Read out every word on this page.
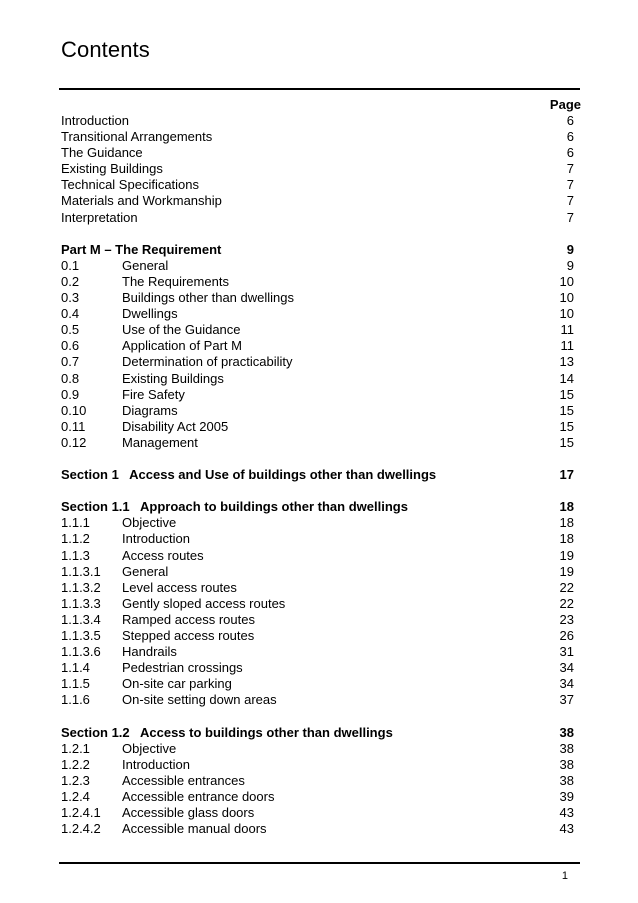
Contents
Page
Introduction	6
Transitional Arrangements	6
The Guidance	6
Existing Buildings	7
Technical Specifications	7
Materials and Workmanship	7
Interpretation	7
Part M – The Requirement	9
0.1	General	9
0.2	The Requirements	10
0.3	Buildings other than dwellings	10
0.4	Dwellings	10
0.5	Use of the Guidance	11
0.6	Application of Part M	11
0.7	Determination of practicability	13
0.8	Existing Buildings	14
0.9	Fire Safety	15
0.10	Diagrams	15
0.11	Disability Act 2005	15
0.12	Management	15
Section 1   Access and Use of buildings other than dwellings	17
Section 1.1   Approach to buildings other than dwellings	18
1.1.1 Objective	18
1.1.2 Introduction	18
1.1.3 Access routes	19
1.1.3.1 General	19
1.1.3.2 Level access routes	22
1.1.3.3 Gently sloped access routes	22
1.1.3.4 Ramped access routes	23
1.1.3.5 Stepped access routes	26
1.1.3.6 Handrails	31
1.1.4 Pedestrian crossings	34
1.1.5 On-site car parking	34
1.1.6 On-site setting down areas	37
Section 1.2   Access to buildings other than dwellings	38
1.2.1 Objective	38
1.2.2 Introduction	38
1.2.3 Accessible entrances	38
1.2.4 Accessible entrance doors	39
1.2.4.1 Accessible glass doors	43
1.2.4.2 Accessible manual doors	43
1
